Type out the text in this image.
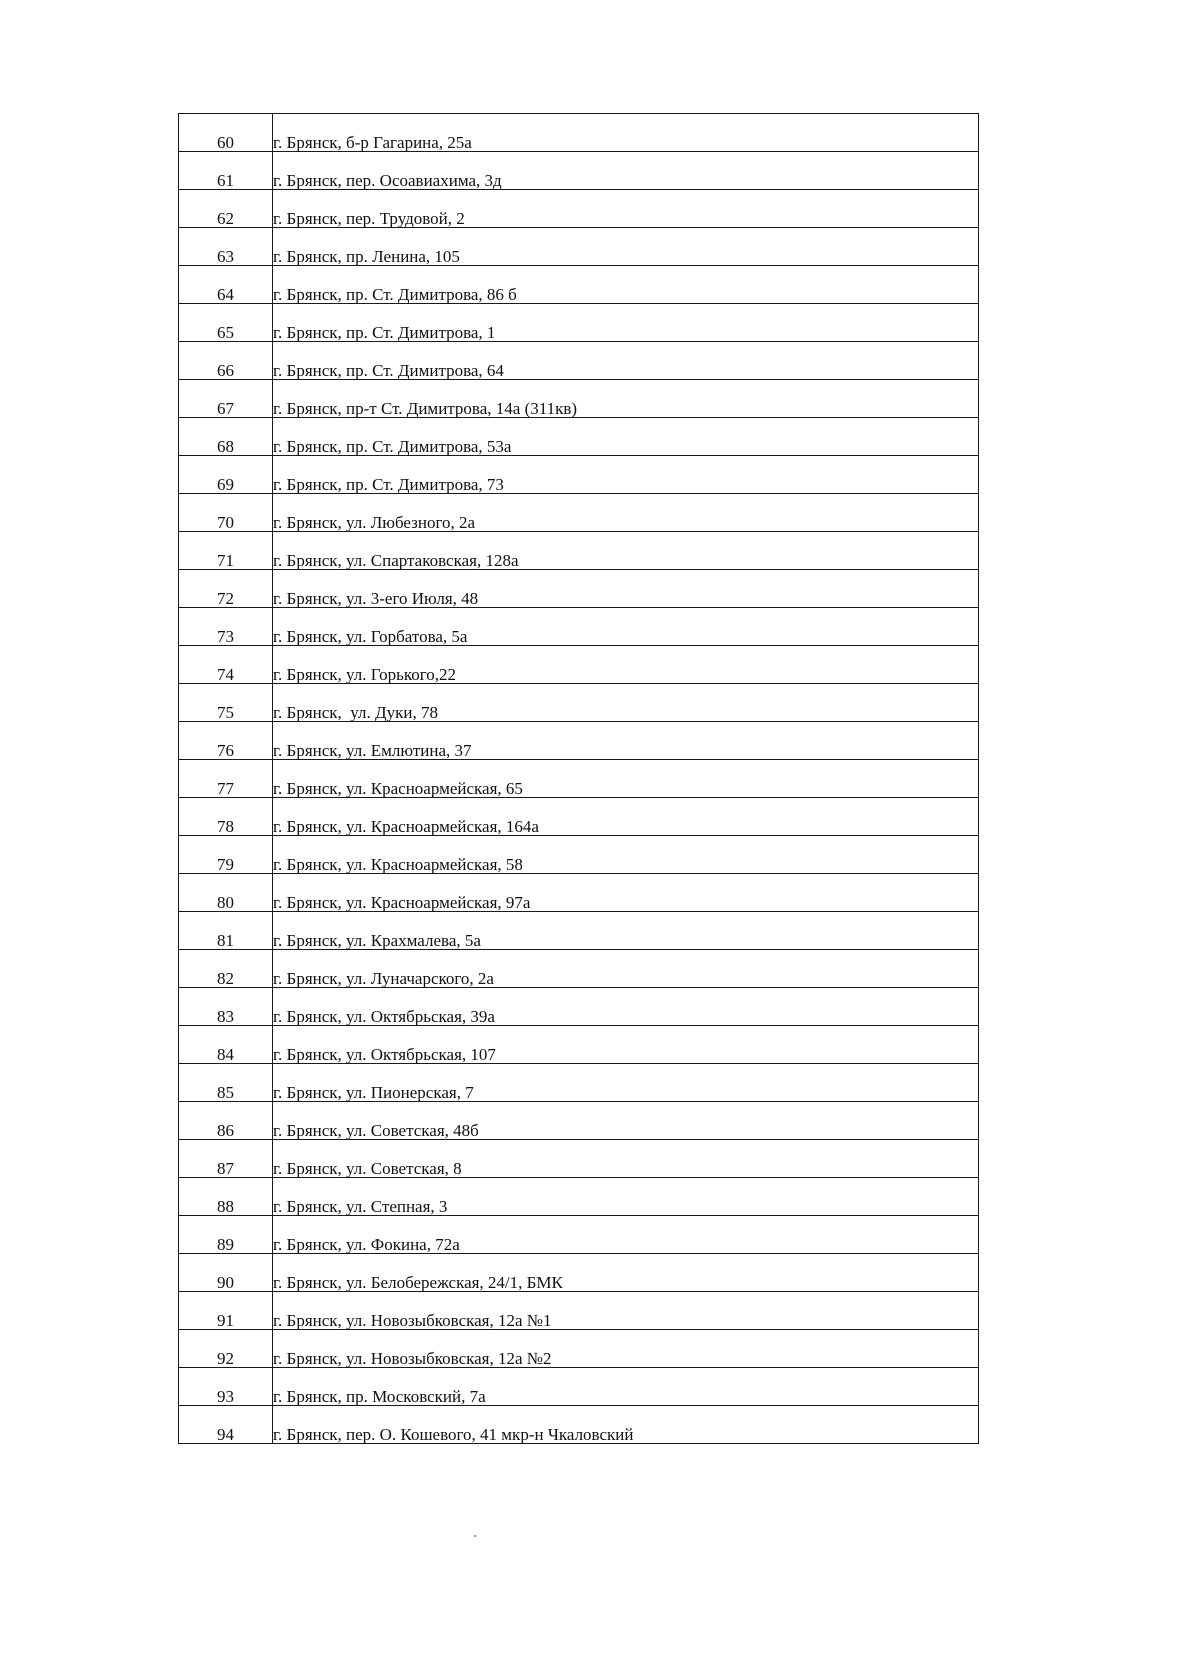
60	г. Брянск, б-р Гагарина, 25а
61	г. Брянск, пер. Осоавиахима, 3д
62	г. Брянск, пер. Трудовой, 2
63	г. Брянск, пр. Ленина, 105
64	г. Брянск, пр. Ст. Димитрова, 86 б
65	г. Брянск, пр. Ст. Димитрова, 1
66	г. Брянск, пр. Ст. Димитрова, 64
67	г. Брянск, пр-т Ст. Димитрова, 14а (311кв)
68	г. Брянск, пр. Ст. Димитрова, 53а
69	г. Брянск, пр. Ст. Димитрова, 73
70	г. Брянск, ул. Любезного, 2а
71	г. Брянск, ул. Спартаковская, 128а
72	г. Брянск, ул. 3-его Июля, 48
73	г. Брянск, ул. Горбатова, 5а
74	г. Брянск, ул. Горького,22
75	г. Брянск,  ул. Дуки, 78
76	г. Брянск, ул. Емлютина, 37
77	г. Брянск, ул. Красноармейская, 65
78	г. Брянск, ул. Красноармейская, 164а
79	г. Брянск, ул. Красноармейская, 58
80	г. Брянск, ул. Красноармейская, 97а
81	г. Брянск, ул. Крахмалева, 5а
82	г. Брянск, ул. Луначарского, 2а
83	г. Брянск, ул. Октябрьская, 39а
84	г. Брянск, ул. Октябрьская, 107
85	г. Брянск, ул. Пионерская, 7
86	г. Брянск, ул. Советская, 48б
87	г. Брянск, ул. Советская, 8
88	г. Брянск, ул. Степная, 3
89	г. Брянск, ул. Фокина, 72а
90	г. Брянск, ул. Белобережская, 24/1, БМК
91	г. Брянск, ул. Новозыбковская, 12а №1
92	г. Брянск, ул. Новозыбковская, 12а №2
93	г. Брянск, пр. Московский, 7а
94	г. Брянск, пер. О. Кошевого, 41 мкр-н Чкаловский
